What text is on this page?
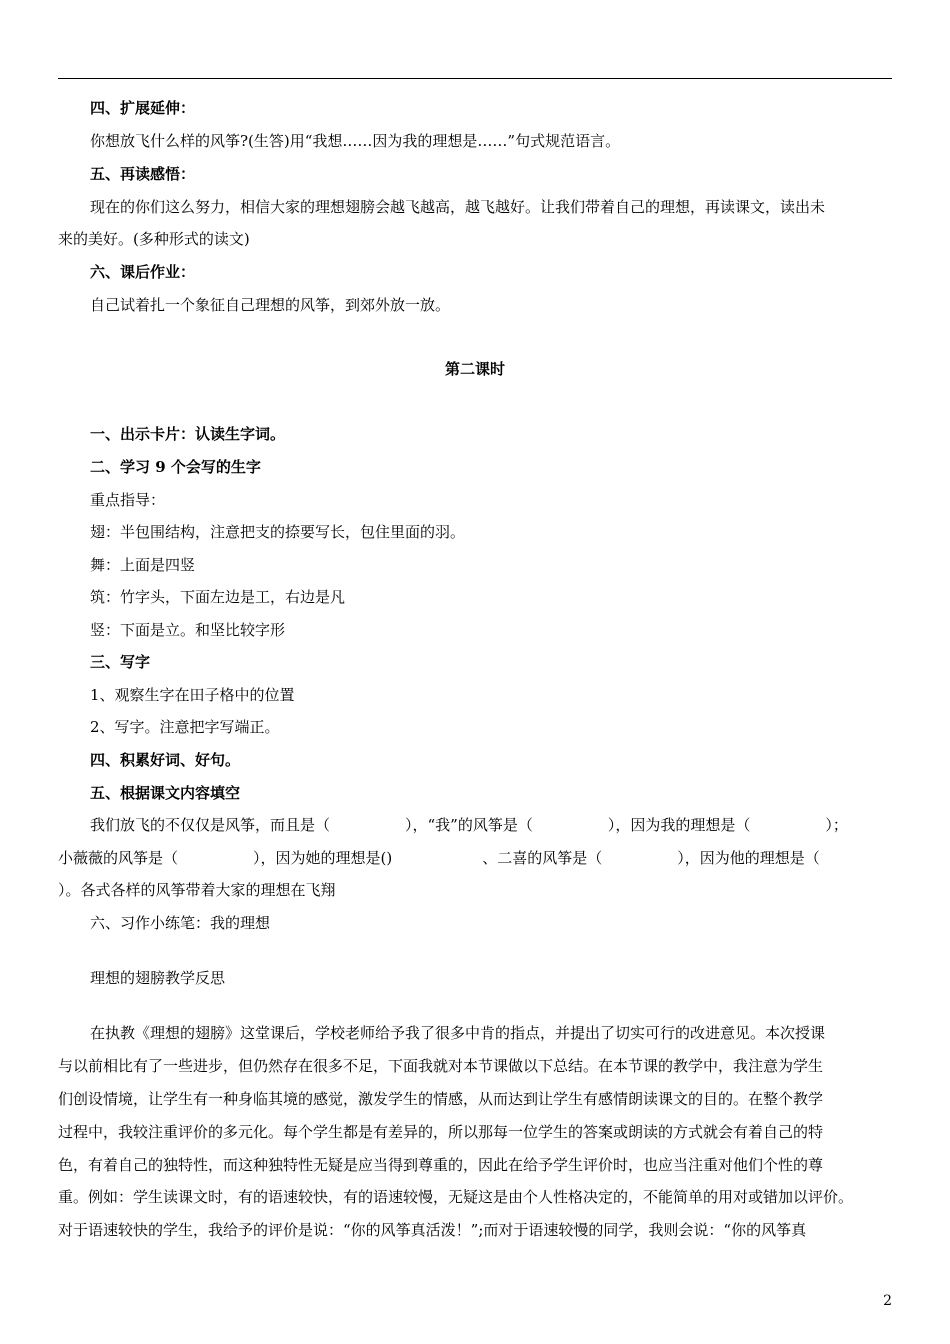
四、扩展延伸：
你想放飞什么样的风筝?(生答)用“我想……因为我的理想是……”句式规范语言。
五、再读感悟：
现在的你们这么努力，相信大家的理想翅膀会越飞越高，越飞越好。让我们带着自己的理想，再读课文，读出未
来的美好。(多种形式的读文)
六、课后作业：
自己试着扎一个象征自己理想的风筝，到郊外放一放。
第二课时
一、出示卡片：认读生字词。
二、学习 9 个会写的生字
重点指导：
翅：半包围结构，注意把支的捺要写长，包住里面的羽。
舞：上面是四竖
筑：竹字头，下面左边是工，右边是凡
竖：下面是立。和坚比较字形
三、写字
1、观察生字在田子格中的位置
2、写字。注意把字写端正。
四、积累好词、好句。
五、根据课文内容填空
我们放飞的不仅仅是风筝，而且是（　　　　　），“我”的风筝是（　　　　　），因为我的理想是（　　　　　）；
小薇薇的风筝是（　　　　　），因为她的理想是()　　　　　　、二喜的风筝是（　　　　　），因为他的理想是（
）。各式各样的风筝带着大家的理想在飞翔
六、习作小练笔：我的理想
理想的翅膀教学反思
在执教《理想的翅膀》这堂课后，学校老师给予我了很多中肯的指点，并提出了切实可行的改进意见。本次授课
与以前相比有了一些进步，但仍然存在很多不足，下面我就对本节课做以下总结。在本节课的教学中，我注意为学生
们创设情境，让学生有一种身临其境的感觉，激发学生的情感，从而达到让学生有感情朗读课文的目的。在整个教学
过程中，我较注重评价的多元化。每个学生都是有差异的，所以那每一位学生的答案或朗读的方式就会有着自己的特
色，有着自己的独特性，而这种独特性无疑是应当得到尊重的，因此在给予学生评价时，也应当注重对他们个性的尊
重。例如：学生读课文时，有的语速较快，有的语速较慢，无疑这是由个人性格决定的，不能简单的用对或错加以评价。
对于语速较快的学生，我给予的评价是说：“你的风筝真活泼！”;而对于语速较慢的同学，我则会说：“你的风筝真
2
